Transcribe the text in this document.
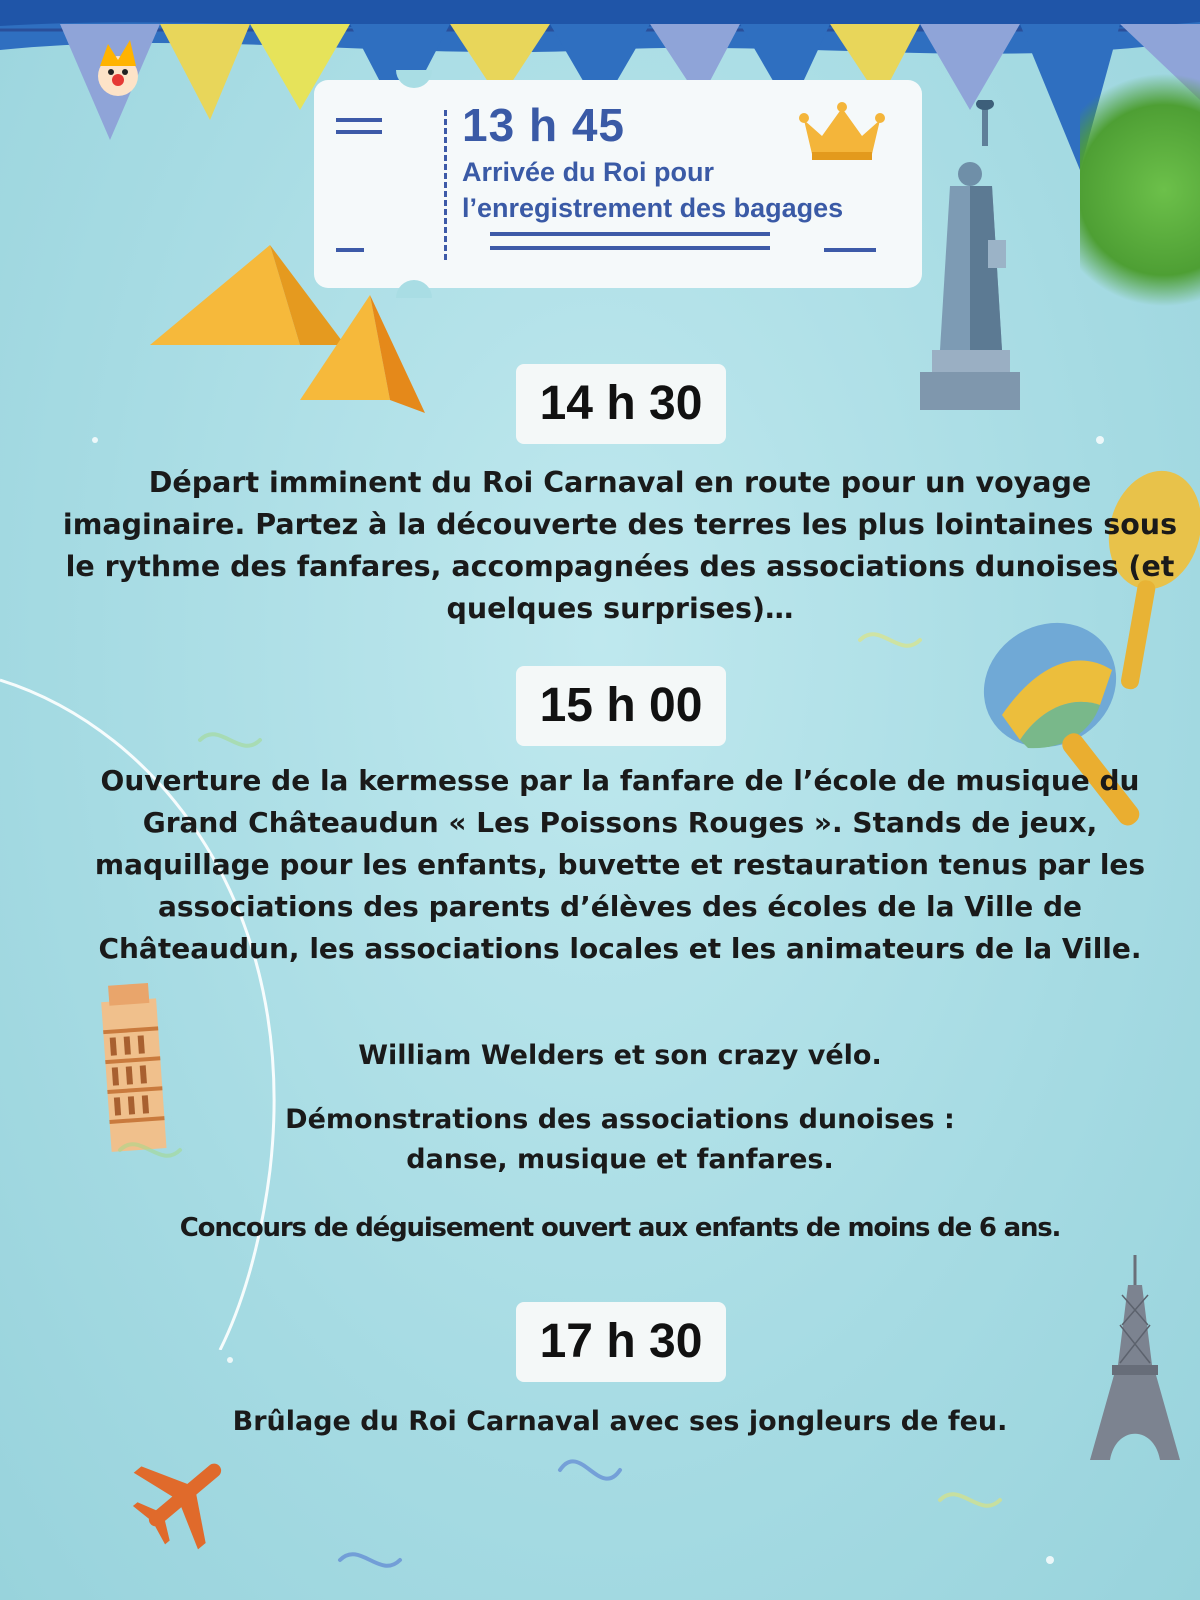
13 h 45
Arrivée du Roi pour l’enregistrement des bagages
14 h 30
Départ imminent du Roi Carnaval en route pour un voyage imaginaire. Partez à la découverte des terres les plus lointaines sous le rythme des fanfares, accompagnées des associations dunoises (et quelques surprises)…
15 h 00
Ouverture de la kermesse par la fanfare de l’école de musique du Grand Châteaudun « Les Poissons Rouges ». Stands de jeux, maquillage pour les enfants, buvette et restauration tenus par les associations des parents d’élèves des écoles de la Ville de Châteaudun, les associations locales et les animateurs de la Ville.
William Welders et son crazy vélo.
Démonstrations des associations dunoises : danse, musique et fanfares.
Concours de déguisement ouvert aux enfants de moins de 6 ans.
17 h 30
Brûlage du Roi Carnaval avec ses jongleurs de feu.
